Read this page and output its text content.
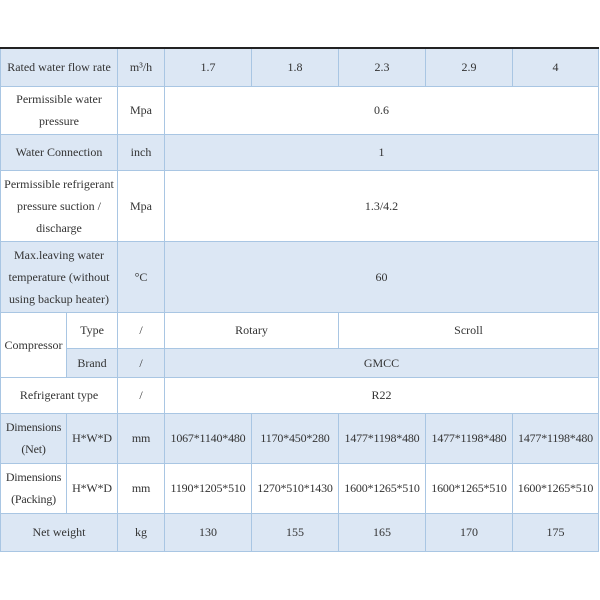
Rated water flow rate		m³/h	1.7	1.8	2.3	2.9	4
Permissible water pressure		Mpa	0.6				
Water Connection		inch	1				
Permissible refrigerant pressure suction / discharge		Mpa	1.3/4.2				
Max.leaving water temperature (without using backup heater)		°C	60				
Compressor	Type	/	Rotary		Scroll		
	Brand	/	GMCC				
Refrigerant type		/	R22				
Dimensions (Net)	H*W*D	mm	1067*1140*480	1170*450*280	1477*1198*480	1477*1198*480	1477*1198*480
Dimensions (Packing)	H*W*D	mm	1190*1205*510	1270*510*1430	1600*1265*510	1600*1265*510	1600*1265*510
Net weight		kg	130	155	165	170	175
